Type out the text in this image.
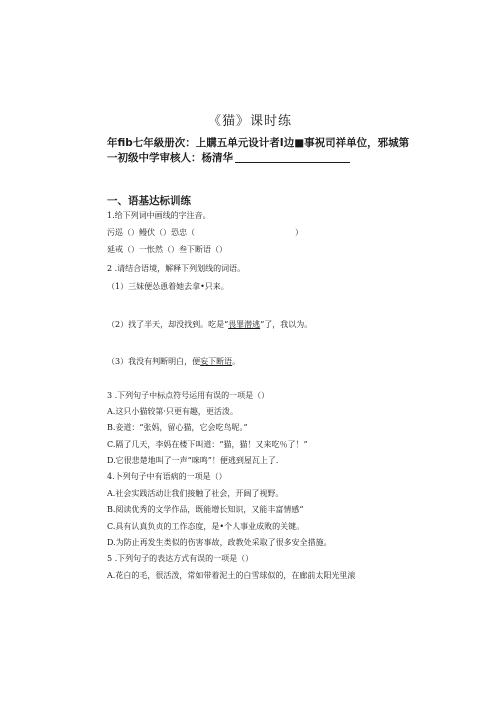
《猫》课时练
年fib七年級册次：上購五单元设计者I边■事祝司祥单位，邪城第
一初级中学审核人：杨清华
一、语基达标训练
1.给下列词中画线的字注音。
污巡（）鳗伏（）恐忠（	）
延戒（）一怅然（）叁下断语（）
2 .请结合语境，解释下列划线的词语。
（1）三妹便怂恿着她去拿•只来。
（2）找了半天，却没找到。吃是“畏罪潜逃”了，我以为。
（3）我没有判断明白，便妄下断语。
3 .下列句子中标点符号运用有误的一项是（）
A.这只小猫较第·只更有趣，更活泼。
B.妾道：“张妈，留心猫，它会吃鸟呢。”
C.隔了几天，李妈在楼下叫道：“猫，猫！又来吃％了！”
D.它很悲楚地叫了一声“咪鸣”！便逃到屋瓦上了.
4.卜列句子中有语病的一项是（）
A.社会实践活动让我们接触了社会，开阔了视野。
B.阅读优秀的文学作品，既能增长知识，又能丰富情感“
C.具有认真负贞的工作态度，是•个人事业成败的关键。
D.为防止再发生类似的伤害事故，政教处采取了很多安全措施。
5 .下列句子的表达方式有误的一项是（）
A.花白的毛，很活泼，常如带着泥土的白雪球似的，在廊前太阳光里滚
